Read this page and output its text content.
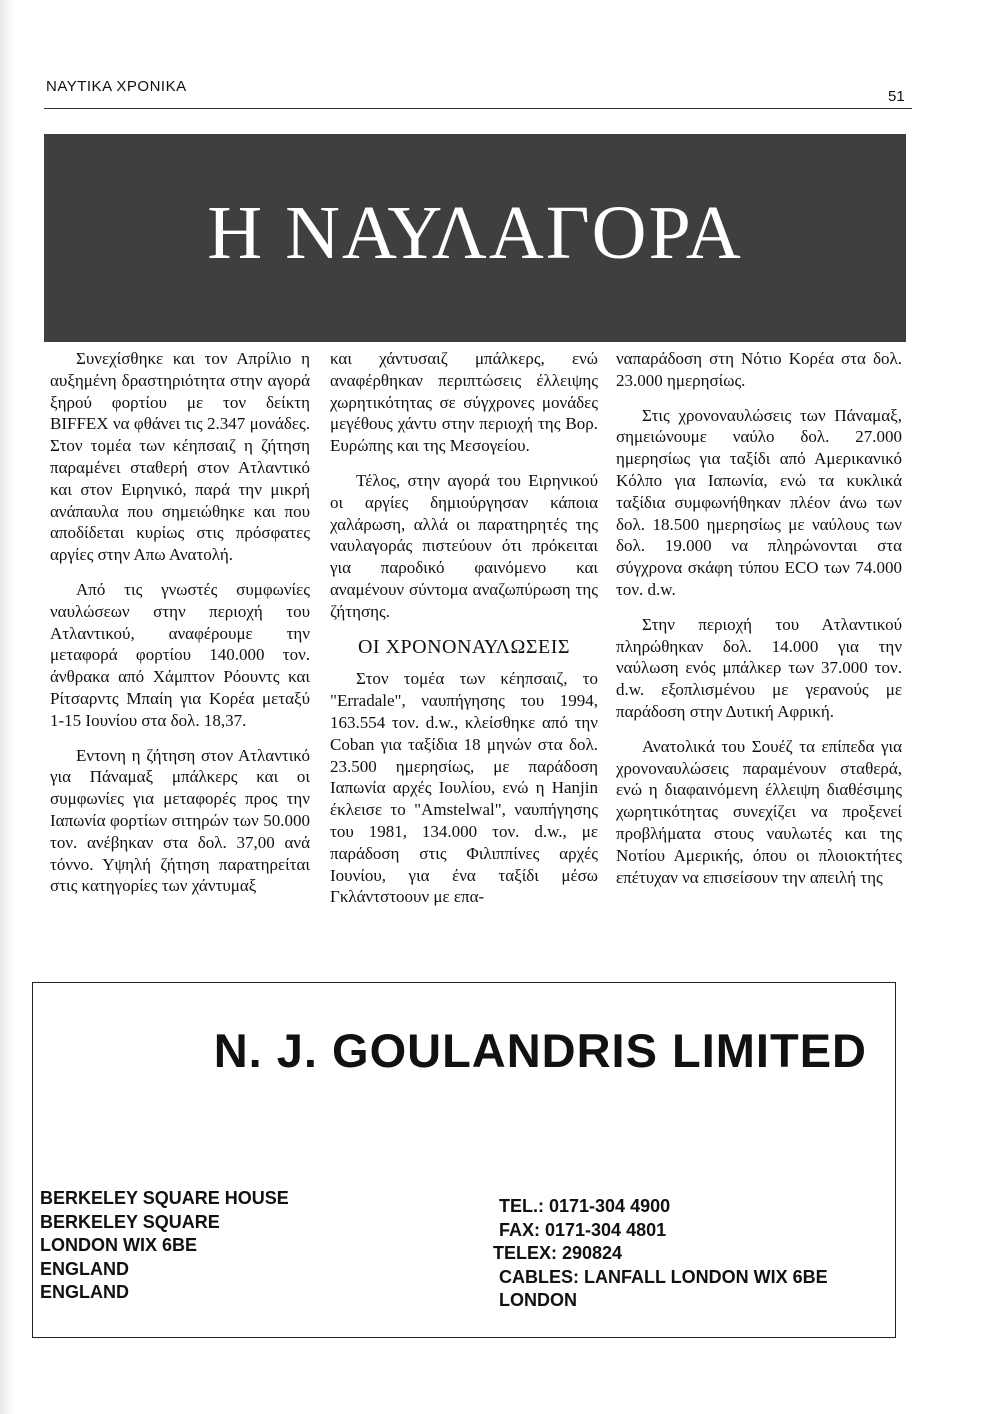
ΝΑΥΤΙΚΑ ΧΡΟΝΙΚΑ
51
Η ΝΑΥΛΑΓΟΡΑ

Συνεχίσθηκε και τον Απρίλιο η αυξημένη δραστηριότητα στην αγορά ξηρού φορτίου με τον δείκτη BIFFEX να φθάνει τις 2.347 μονάδες. Στον τομέα των κέηπσαιζ η ζήτηση παραμένει σταθερή στον Ατλαντικό και στον Ειρηνικό, παρά την μικρή ανάπαυλα που σημειώθηκε και που αποδίδεται κυρίως στις πρόσφατες αργίες στην Απω Ανατολή.

Από τις γνωστές συμφωνίες ναυλώσεων στην περιοχή του Ατλαντικού, αναφέρουμε την μεταφορά φορτίου 140.000 τον. άνθρακα από Χάμπτον Ρόουντς και Ρίτσαρντς Μπαίη για Κορέα μεταξύ 1-15 Ιουνίου στα δολ. 18,37.

Εντονη η ζήτηση στον Ατλαντικό για Πάναμαξ μπάλκερς και οι συμφωνίες για μεταφορές προς την Ιαπωνία φορτίων σιτηρών των 50.000 τον. ανέβηκαν στα δολ. 37,00 ανά τόννο. Υψηλή ζήτηση παρατηρείται στις κατηγορίες των χάντυμαξ

και χάντυσαιζ μπάλκερς, ενώ αναφέρθηκαν περιπτώσεις έλλειψης χωρητικότητας σε σύγχρονες μονάδες μεγέθους χάντυ στην περιοχή της Βορ. Ευρώπης και της Μεσογείου.

Τέλος, στην αγορά του Ειρηνικού οι αργίες δημιούργησαν κάποια χαλάρωση, αλλά οι παρατηρητές της ναυλαγοράς πιστεύουν ότι πρόκειται για παροδικό φαινόμενο και αναμένουν σύντομα αναζωπύρωση της ζήτησης.

ΟΙ ΧΡΟΝΟΝΑΥΛΩΣΕΙΣ

Στον τομέα των κέηπσαιζ, το "Erradale", ναυπήγησης του 1994, 163.554 τον. d.w., κλείσθηκε από την Coban για ταξίδια 18 μηνών στα δολ. 23.500 ημερησίως, με παράδοση Ιαπωνία αρχές Ιουλίου, ενώ η Hanjin έκλεισε το "Amstelwal", ναυπήγησης του 1981, 134.000 τον. d.w., με παράδοση στις Φιλιππίνες αρχές Ιουνίου, για ένα ταξίδι μέσω Γκλάντστοουν με επα-

ναπαράδοση στη Νότιο Κορέα στα δολ. 23.000 ημερησίως.

Στις χρονοναυλώσεις των Πάναμαξ, σημειώνουμε ναύλο δολ. 27.000 ημερησίως για ταξίδι από Αμερικανικό Κόλπο για Ιαπωνία, ενώ τα κυκλικά ταξίδια συμφωνήθηκαν πλέον άνω των δολ. 18.500 ημερησίως με ναύλους των δολ. 19.000 να πληρώνονται στα σύγχρονα σκάφη τύπου ECO των 74.000 τον. d.w.

Στην περιοχή του Ατλαντικού πληρώθηκαν δολ. 14.000 για την ναύλωση ενός μπάλκερ των 37.000 τον. d.w. εξοπλισμένου με γερανούς με παράδοση στην Δυτική Αφρική.

Ανατολικά του Σουέζ τα επίπεδα για χρονοναυλώσεις παραμένουν σταθερά, ενώ η διαφαινόμενη έλλειψη διαθέσιμης χωρητικότητας συνεχίζει να προξενεί προβλήματα στους ναυλωτές και της Νοτίου Αμερικής, όπου οι πλοιοκτήτες επέτυχαν να επισείσουν την απειλή της

N. J. GOULANDRIS LIMITED
BERKELEY SQUARE HOUSE
BERKELEY SQUARE
LONDON WIX 6BE
ENGLAND
ENGLAND
TEL.: 0171-304 4900
FAX: 0171-304 4801
TELEX: 290824
CABLES: LANFALL LONDON WIX 6BE
LONDON
